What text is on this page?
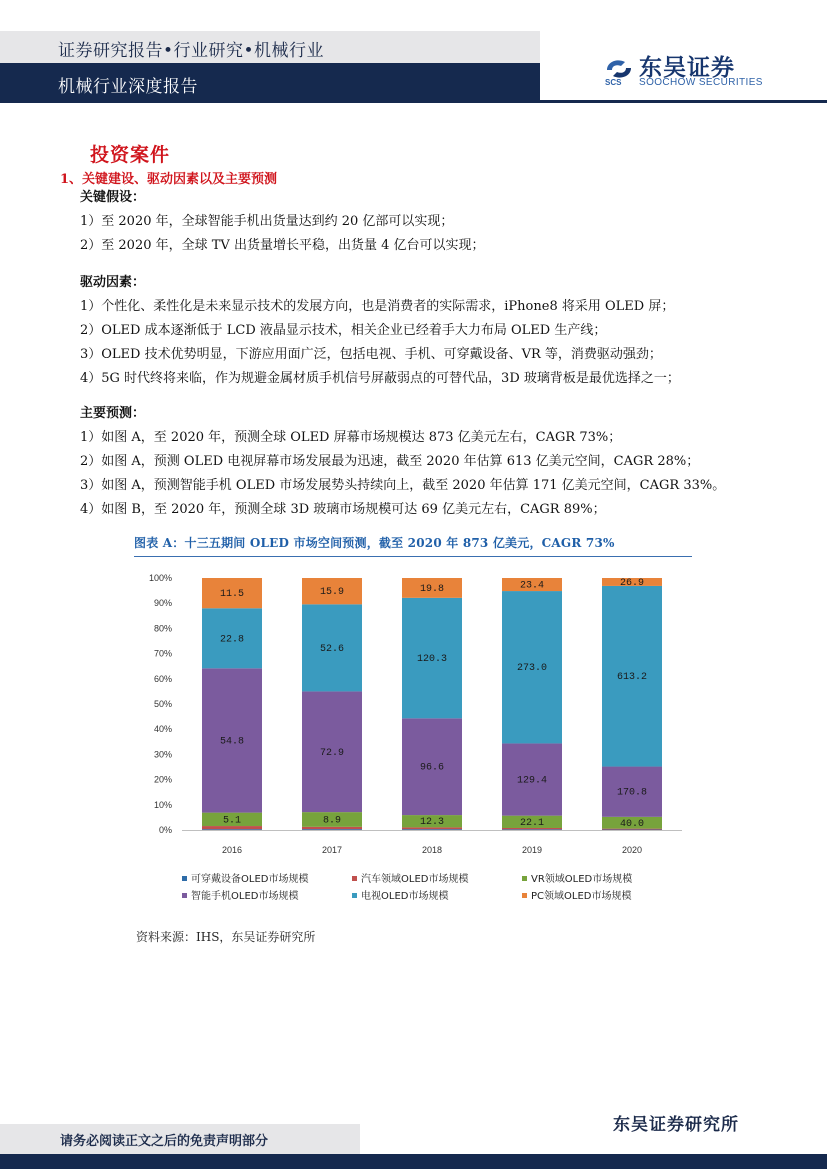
证券研究报告•行业研究•机械行业
机械行业深度报告	SCS
东吴证券
SOOCHOW SECURITIES
投资案件
1、关键建设、驱动因素以及主要预测
关键假设：
1）至 2020 年，全球智能手机出货量达到约 20 亿部可以实现；
2）至 2020 年，全球 TV 出货量增长平稳，出货量 4 亿台可以实现；
驱动因素：
1）个性化、柔性化是未来显示技术的发展方向，也是消费者的实际需求，iPhone8 将采用 OLED 屏；
2）OLED 成本逐渐低于 LCD 液晶显示技术，相关企业已经着手大力布局 OLED 生产线；
3）OLED 技术优势明显，下游应用面广泛，包括电视、手机、可穿戴设备、VR 等，消费驱动强劲；
4）5G 时代终将来临，作为规避金属材质手机信号屏蔽弱点的可替代品，3D 玻璃背板是最优选择之一；
主要预测：
1）如图 A，至 2020 年，预测全球 OLED 屏幕市场规模达 873 亿美元左右，CAGR 73%；
2）如图 A，预测 OLED 电视屏幕市场发展最为迅速，截至 2020 年估算 613 亿美元空间，CAGR 28%；
3）如图 A，预测智能手机 OLED 市场发展势头持续向上，截至 2020 年估算 171 亿美元空间，CAGR 33%。
4）如图 B，至 2020 年，预测全球 3D 玻璃市场规模可达 69 亿美元左右，CAGR 89%；
图表 A：十三五期间 OLED 市场空间预测，截至 2020 年 873 亿美元，CAGR 73%
0%
10%
20%
30%
40%
50%
60%
70%
80%
90%
100%
5.1
54.8
22.8
11.5
2016
8.9
72.9
52.6
15.9
2017
12.3
96.6
120.3
19.8
2018
22.1
129.4
273.0
23.4
2019
40.0
170.8
613.2
26.9
2020
可穿戴设备OLED市场规模	汽车领域OLED市场规模	VR领域OLED市场规模
智能手机OLED市场规模	电视OLED市场规模	PC领域OLED市场规模
资料来源：IHS，东吴证券研究所
东吴证券研究所
请务必阅读正文之后的免责声明部分
